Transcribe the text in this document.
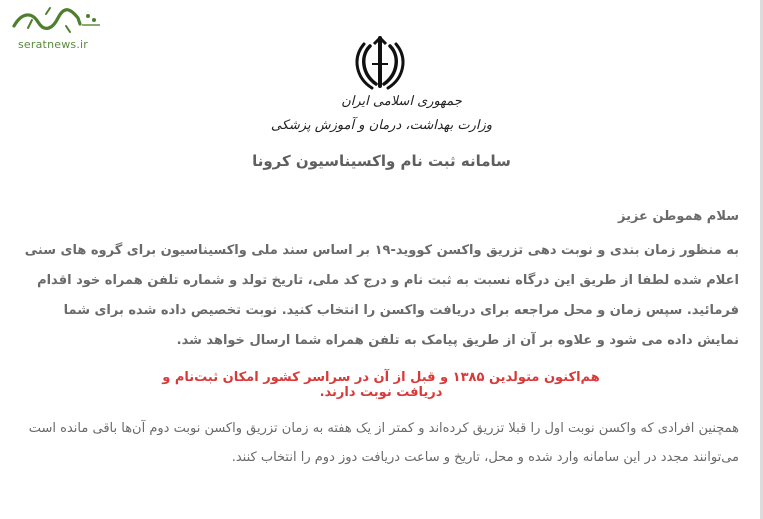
seratnews.ir
جمهوری اسلامی ایران
وزارت بهداشت، درمان و آموزش پزشکی
سامانه ثبت نام واکسیناسیون کرونا
سلام هموطن عزیز
به منظور زمان بندی و نوبت دهی تزریق واکسن کووید-۱۹ بر اساس سند ملی واکسیناسیون برای گروه های سنی اعلام شده لطفا از طریق این درگاه نسبت به ثبت نام و درج کد ملی، تاریخ تولد و شماره تلفن همراه خود اقدام فرمائید. سپس زمان و محل مراجعه برای دریافت واکسن را انتخاب کنید. نوبت تخصیص داده شده برای شما نمایش داده می شود و علاوه بر آن از طریق پیامک به تلفن همراه شما ارسال خواهد شد.
هم‌اکنون متولدین ۱۳۸۵ و قبل از آن در سراسر کشور امکان ثبت‌نام و دریافت نوبت دارند.
همچنین افرادی که واکسن نوبت اول را قبلا تزریق کرده‌اند و کمتر از یک هفته به زمان تزریق واکسن نوبت دوم آن‌ها باقی مانده است می‌توانند مجدد در این سامانه وارد شده و محل، تاریخ و ساعت دریافت دوز دوم را انتخاب کنند.
